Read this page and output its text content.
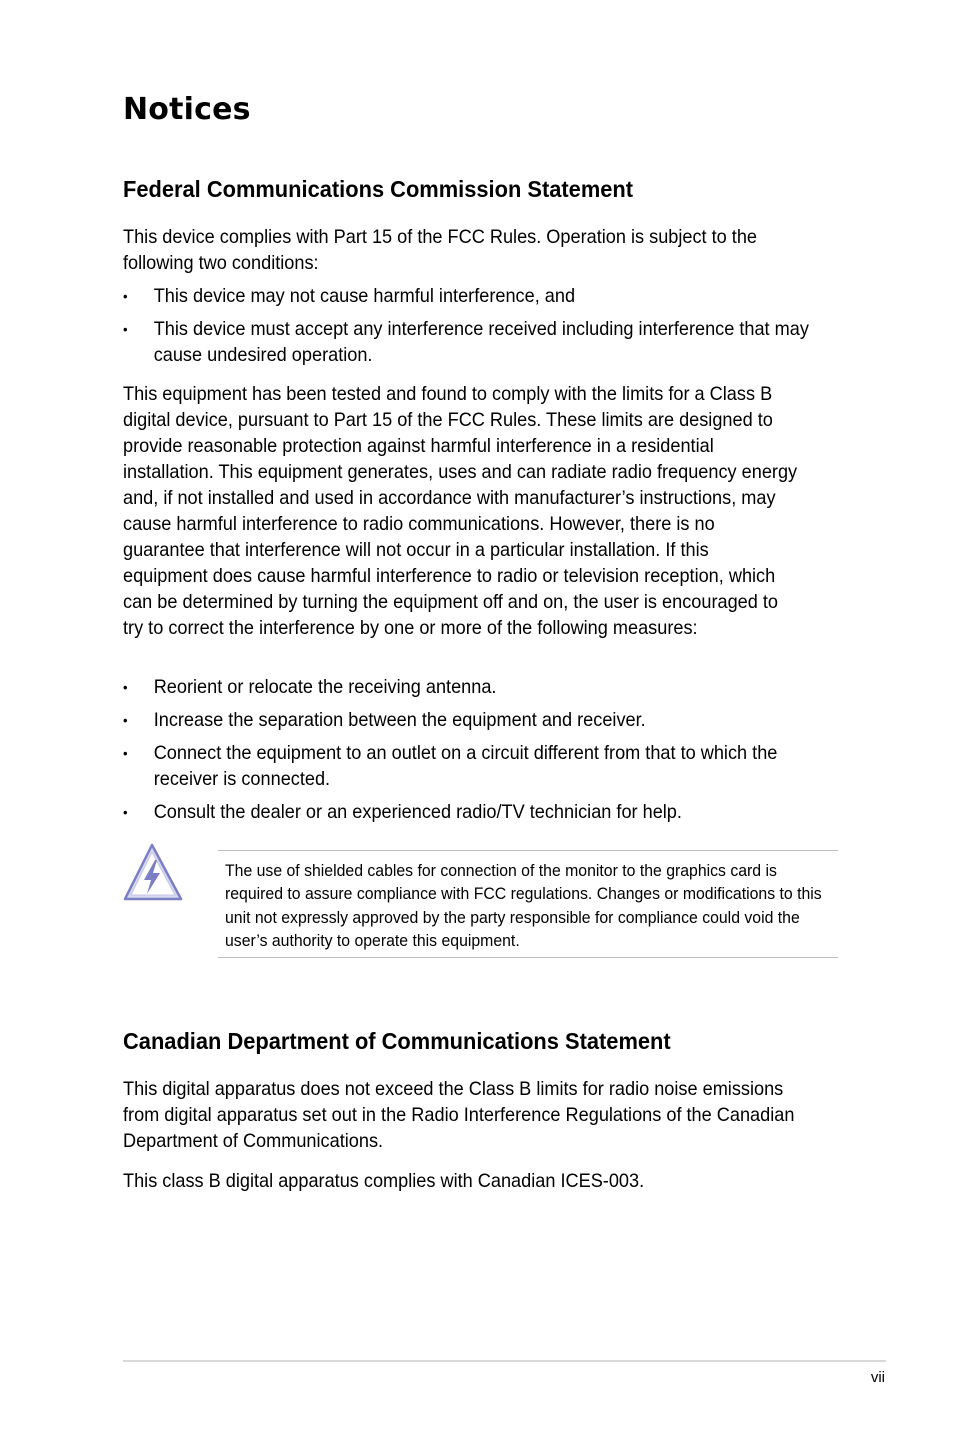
Notices
Federal Communications Commission Statement

This device complies with Part 15 of the FCC Rules. Operation is subject to the following two conditions:

• This device may not cause harmful interference, and
• This device must accept any interference received including interference that may cause undesired operation.

This equipment has been tested and found to comply with the limits for a Class B digital device, pursuant to Part 15 of the FCC Rules. These limits are designed to provide reasonable protection against harmful interference in a residential installation. This equipment generates, uses and can radiate radio frequency energy and, if not installed and used in accordance with manufacturer’s instructions, may cause harmful interference to radio communications. However, there is no guarantee that interference will not occur in a particular installation. If this equipment does cause harmful interference to radio or television reception, which can be determined by turning the equipment off and on, the user is encouraged to try to correct the interference by one or more of the following measures:

• Reorient or relocate the receiving antenna.
• Increase the separation between the equipment and receiver.
• Connect the equipment to an outlet on a circuit different from that to which the receiver is connected.
• Consult the dealer or an experienced radio/TV technician for help.

The use of shielded cables for connection of the monitor to the graphics card is required to assure compliance with FCC regulations. Changes or modifications to this unit not expressly approved by the party responsible for compliance could void the user’s authority to operate this equipment.

Canadian Department of Communications Statement

This digital apparatus does not exceed the Class B limits for radio noise emissions from digital apparatus set out in the Radio Interference Regulations of the Canadian Department of Communications.

This class B digital apparatus complies with Canadian ICES-003.

vii
